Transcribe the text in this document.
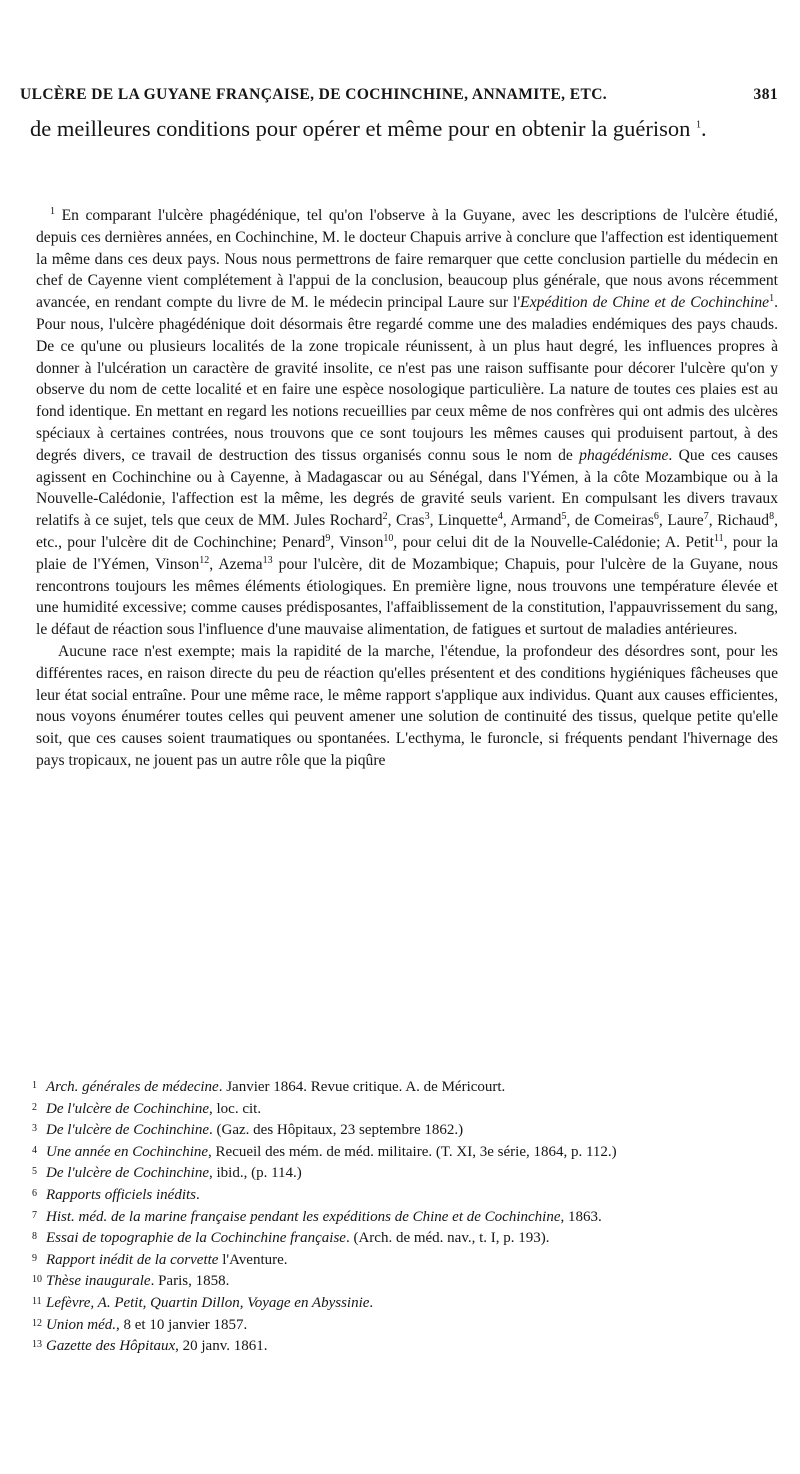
ULCÈRE DE LA GUYANE FRANÇAISE, DE COCHINCHINE, ANNAMITE, ETC.	381

de meilleures conditions pour opérer et même pour en obtenir la guérison $^1$.

$^1$ En comparant l'ulcère phagédénique, tel qu'on l'observe à la Guyane, avec les descriptions de l'ulcère étudié, depuis ces dernières années, en Cochinchine, M. le docteur Chapuis arrive à conclure que l'affection est identiquement la même dans ces deux pays. Nous nous permettrons de faire remarquer que cette conclusion partielle du médecin en chef de Cayenne vient complétement à l'appui de la conclusion, beaucoup plus générale, que nous avons récemment avancée, en rendant compte du livre de M. le médecin principal Laure sur l'Expédition de Chine et de Cochinchine$^1$. Pour nous, l'ulcère phagédénique doit désormais être regardé comme une des maladies endémiques des pays chauds. De ce qu'une ou plusieurs localités de la zone tropicale réunissent, à un plus haut degré, les influences propres à donner à l'ulcération un caractère de gravité insolite, ce n'est pas une raison suffisante pour décorer l'ulcère qu'on y observe du nom de cette localité et en faire une espèce nosologique particulière. La nature de toutes ces plaies est au fond identique. En mettant en regard les notions recueillies par ceux même de nos confrères qui ont admis des ulcères spéciaux à certaines contrées, nous trouvons que ce sont toujours les mêmes causes qui produisent partout, à des degrés divers, ce travail de destruction des tissus organisés connu sous le nom de phagédénisme. Que ces causes agissent en Cochinchine ou à Cayenne, à Madagascar ou au Sénégal, dans l'Yémen, à la côte Mozambique ou à la Nouvelle-Calédonie, l'affection est la même, les degrés de gravité seuls varient. En compulsant les divers travaux relatifs à ce sujet, tels que ceux de MM. Jules Rochard$^2$, Cras$^3$, Linquette$^4$, Armand$^5$, de Comeiras$^6$, Laure$^7$, Richaud$^8$, etc., pour l'ulcère dit de Cochinchine; Penard$^9$, Vinson$^{10}$, pour celui dit de la Nouvelle-Calédonie; A. Petit$^{11}$, pour la plaie de l'Yémen, Vinson$^{12}$, Azema$^{13}$ pour l'ulcère, dit de Mozambique; Chapuis, pour l'ulcère de la Guyane, nous rencontrons toujours les mêmes éléments étiologiques. En première ligne, nous trouvons une température élevée et une humidité excessive; comme causes prédisposantes, l'affaiblissement de la constitution, l'appauvrissement du sang, le défaut de réaction sous l'influence d'une mauvaise alimentation, de fatigues et surtout de maladies antérieures.

Aucune race n'est exempte; mais la rapidité de la marche, l'étendue, la profondeur des désordres sont, pour les différentes races, en raison directe du peu de réaction qu'elles présentent et des conditions hygiéniques fâcheuses que leur état social entraîne. Pour une même race, le même rapport s'applique aux individus. Quant aux causes efficientes, nous voyons énumérer toutes celles qui peuvent amener une solution de continuité des tissus, quelque petite qu'elle soit, que ces causes soient traumatiques ou spontanées. L'ecthyma, le furoncle, si fréquents pendant l'hivernage des pays tropicaux, ne jouent pas un autre rôle que la piqûre

1 Arch. générales de médecine. Janvier 1864. Revue critique. A. de Méricourt.
2 De l'ulcère de Cochinchine, loc. cit.
3 De l'ulcère de Cochinchine. (Gaz. des Hôpitaux, 23 septembre 1862.)
4 Une année en Cochinchine, Recueil des mém. de méd. militaire. (T. XI, 3e série, 1864, p. 112.)
5 De l'ulcère de Cochinchine, ibid., (p. 114.)
6 Rapports officiels inédits.
7 Hist. méd. de la marine française pendant les expéditions de Chine et de Cochinchine, 1863.
8 Essai de topographie de la Cochinchine française. (Arch. de méd. nav., t. I, p. 193).
9 Rapport inédit de la corvette l'Aventure.
10 Thèse inaugurale. Paris, 1858.
11 Lefèvre, A. Petit, Quartin Dillon, Voyage en Abyssinie.
12 Union méd., 8 et 10 janvier 1857.
13 Gazette des Hôpitaux, 20 janv. 1861.
